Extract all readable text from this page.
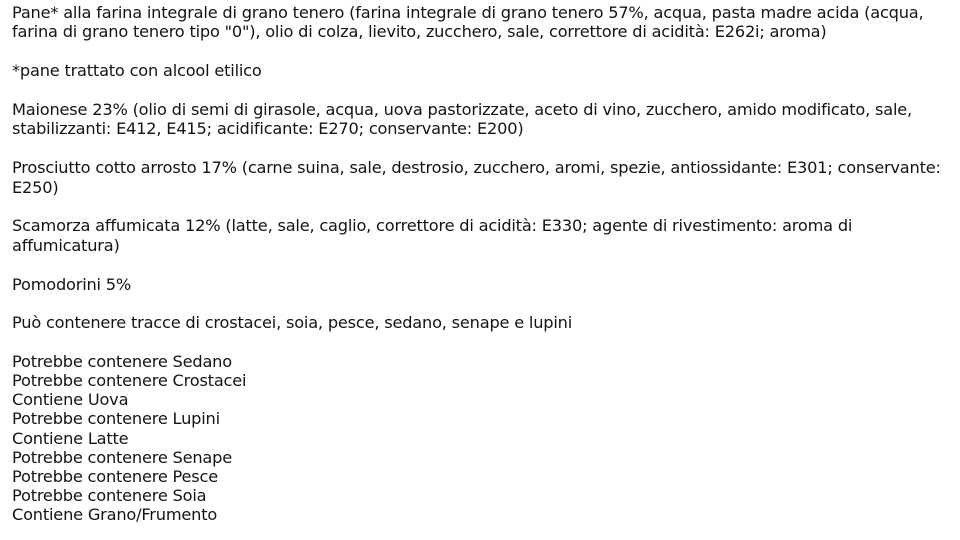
Pane* alla farina integrale di grano tenero (farina integrale di grano tenero 57%, acqua, pasta madre acida (acqua, farina di grano tenero tipo "0"), olio di colza, lievito, zucchero, sale, correttore di acidità: E262i; aroma)

*pane trattato con alcool etilico

Maionese 23% (olio di semi di girasole, acqua, uova pastorizzate, aceto di vino, zucchero, amido modificato, sale, stabilizzanti: E412, E415; acidificante: E270; conservante: E200)

Prosciutto cotto arrosto 17% (carne suina, sale, destrosio, zucchero, aromi, spezie, antiossidante: E301; conservante: E250)

Scamorza affumicata 12% (latte, sale, caglio, correttore di acidità: E330; agente di rivestimento: aroma di affumicatura)

Pomodorini 5%

Può contenere tracce di crostacei, soia, pesce, sedano, senape e lupini

Potrebbe contenere Sedano
Potrebbe contenere Crostacei
Contiene Uova
Potrebbe contenere Lupini
Contiene Latte
Potrebbe contenere Senape
Potrebbe contenere Pesce
Potrebbe contenere Soia
Contiene Grano/Frumento
